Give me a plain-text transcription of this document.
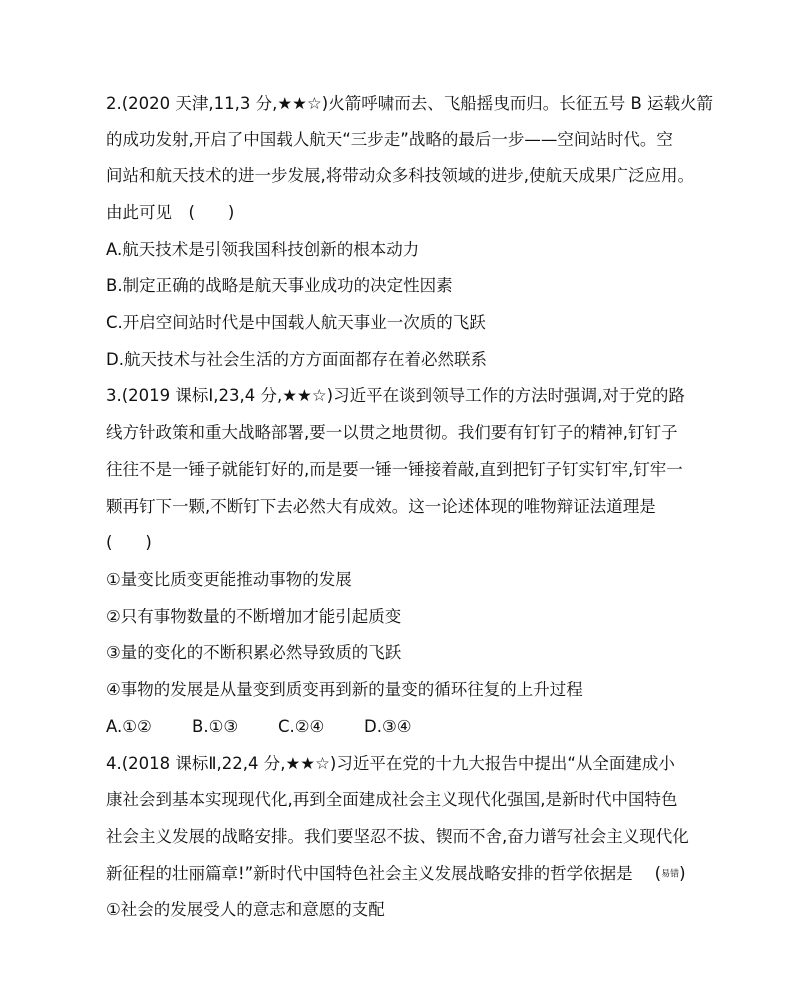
2.(2020 天津,11,3 分,★★☆)火箭呼啸而去、飞船摇曳而归。长征五号 B 运载火箭
的成功发射,开启了中国载人航天“三步走”战略的最后一步——空间站时代。空
间站和航天技术的进一步发展,将带动众多科技领域的进步,使航天成果广泛应用。
由此可见　(　　)
A.航天技术是引领我国科技创新的根本动力
B.制定正确的战略是航天事业成功的决定性因素
C.开启空间站时代是中国载人航天事业一次质的飞跃
D.航天技术与社会生活的方方面面都存在着必然联系
3.(2019 课标Ⅰ,23,4 分,★★☆)习近平在谈到领导工作的方法时强调,对于党的路
线方针政策和重大战略部署,要一以贯之地贯彻。我们要有钉钉子的精神,钉钉子
往往不是一锤子就能钉好的,而是要一锤一锤接着敲,直到把钉子钉实钉牢,钉牢一
颗再钉下一颗,不断钉下去必然大有成效。这一论述体现的唯物辩证法道理是
(　　)
①量变比质变更能推动事物的发展
②只有事物数量的不断增加才能引起质变
③量的变化的不断积累必然导致质的飞跃
④事物的发展是从量变到质变再到新的量变的循环往复的上升过程
A.①② B.①③ C.②④ D.③④
4.(2018 课标Ⅱ,22,4 分,★★☆)习近平在党的十九大报告中提出“从全面建成小
康社会到基本实现现代化,再到全面建成社会主义现代化强国,是新时代中国特色
社会主义发展的战略安排。我们要坚忍不拔、锲而不舍,奋力谱写社会主义现代化
新征程的壮丽篇章!”新时代中国特色社会主义发展战略安排的哲学依据是 (易错)
①社会的发展受人的意志和意愿的支配
